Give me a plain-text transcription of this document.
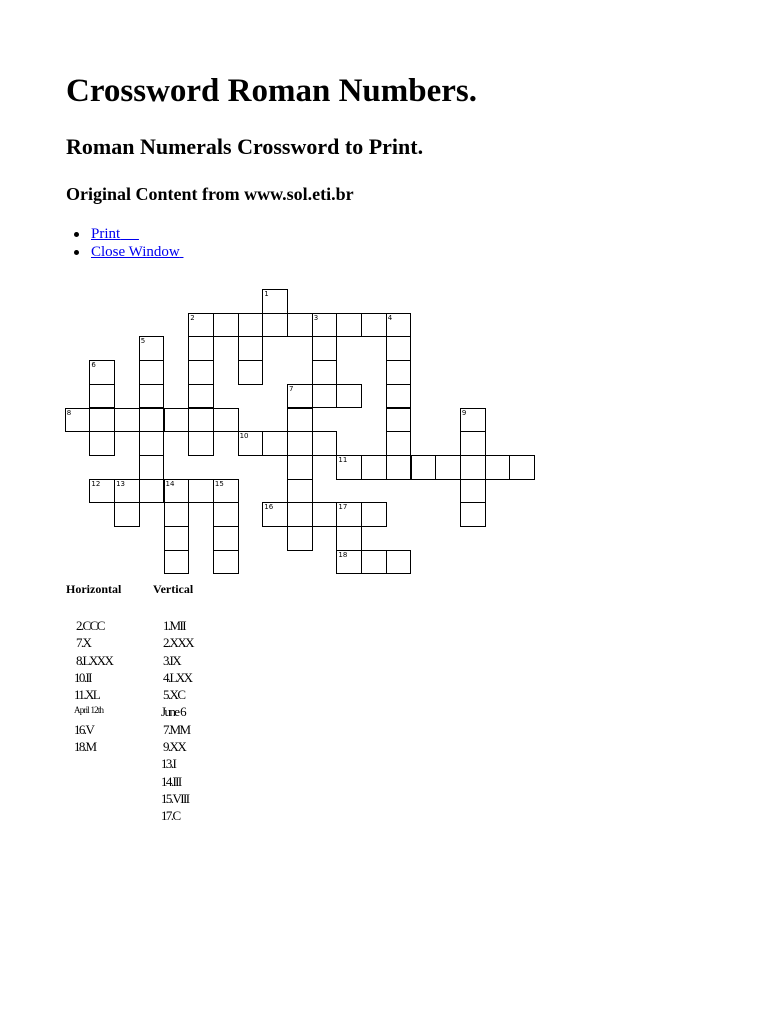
Crossword Roman Numbers.
Roman Numerals Crossword to Print.
Original Content from www.sol.eti.br
Print
Close Window
1
2	3	4
5
6
7
8	9
10
11
12 13	14	15
16	17
18
Horizontal
2.CCC
7.X
8.LXXX
10.II
11.XL
April 12th
16.V
18.M
Vertical
1.MII
2.XXX
3.IX
4.LXX
5.XC
June 6
7.MM
9.XX
13.I
14.III
15.VIII
17.C
